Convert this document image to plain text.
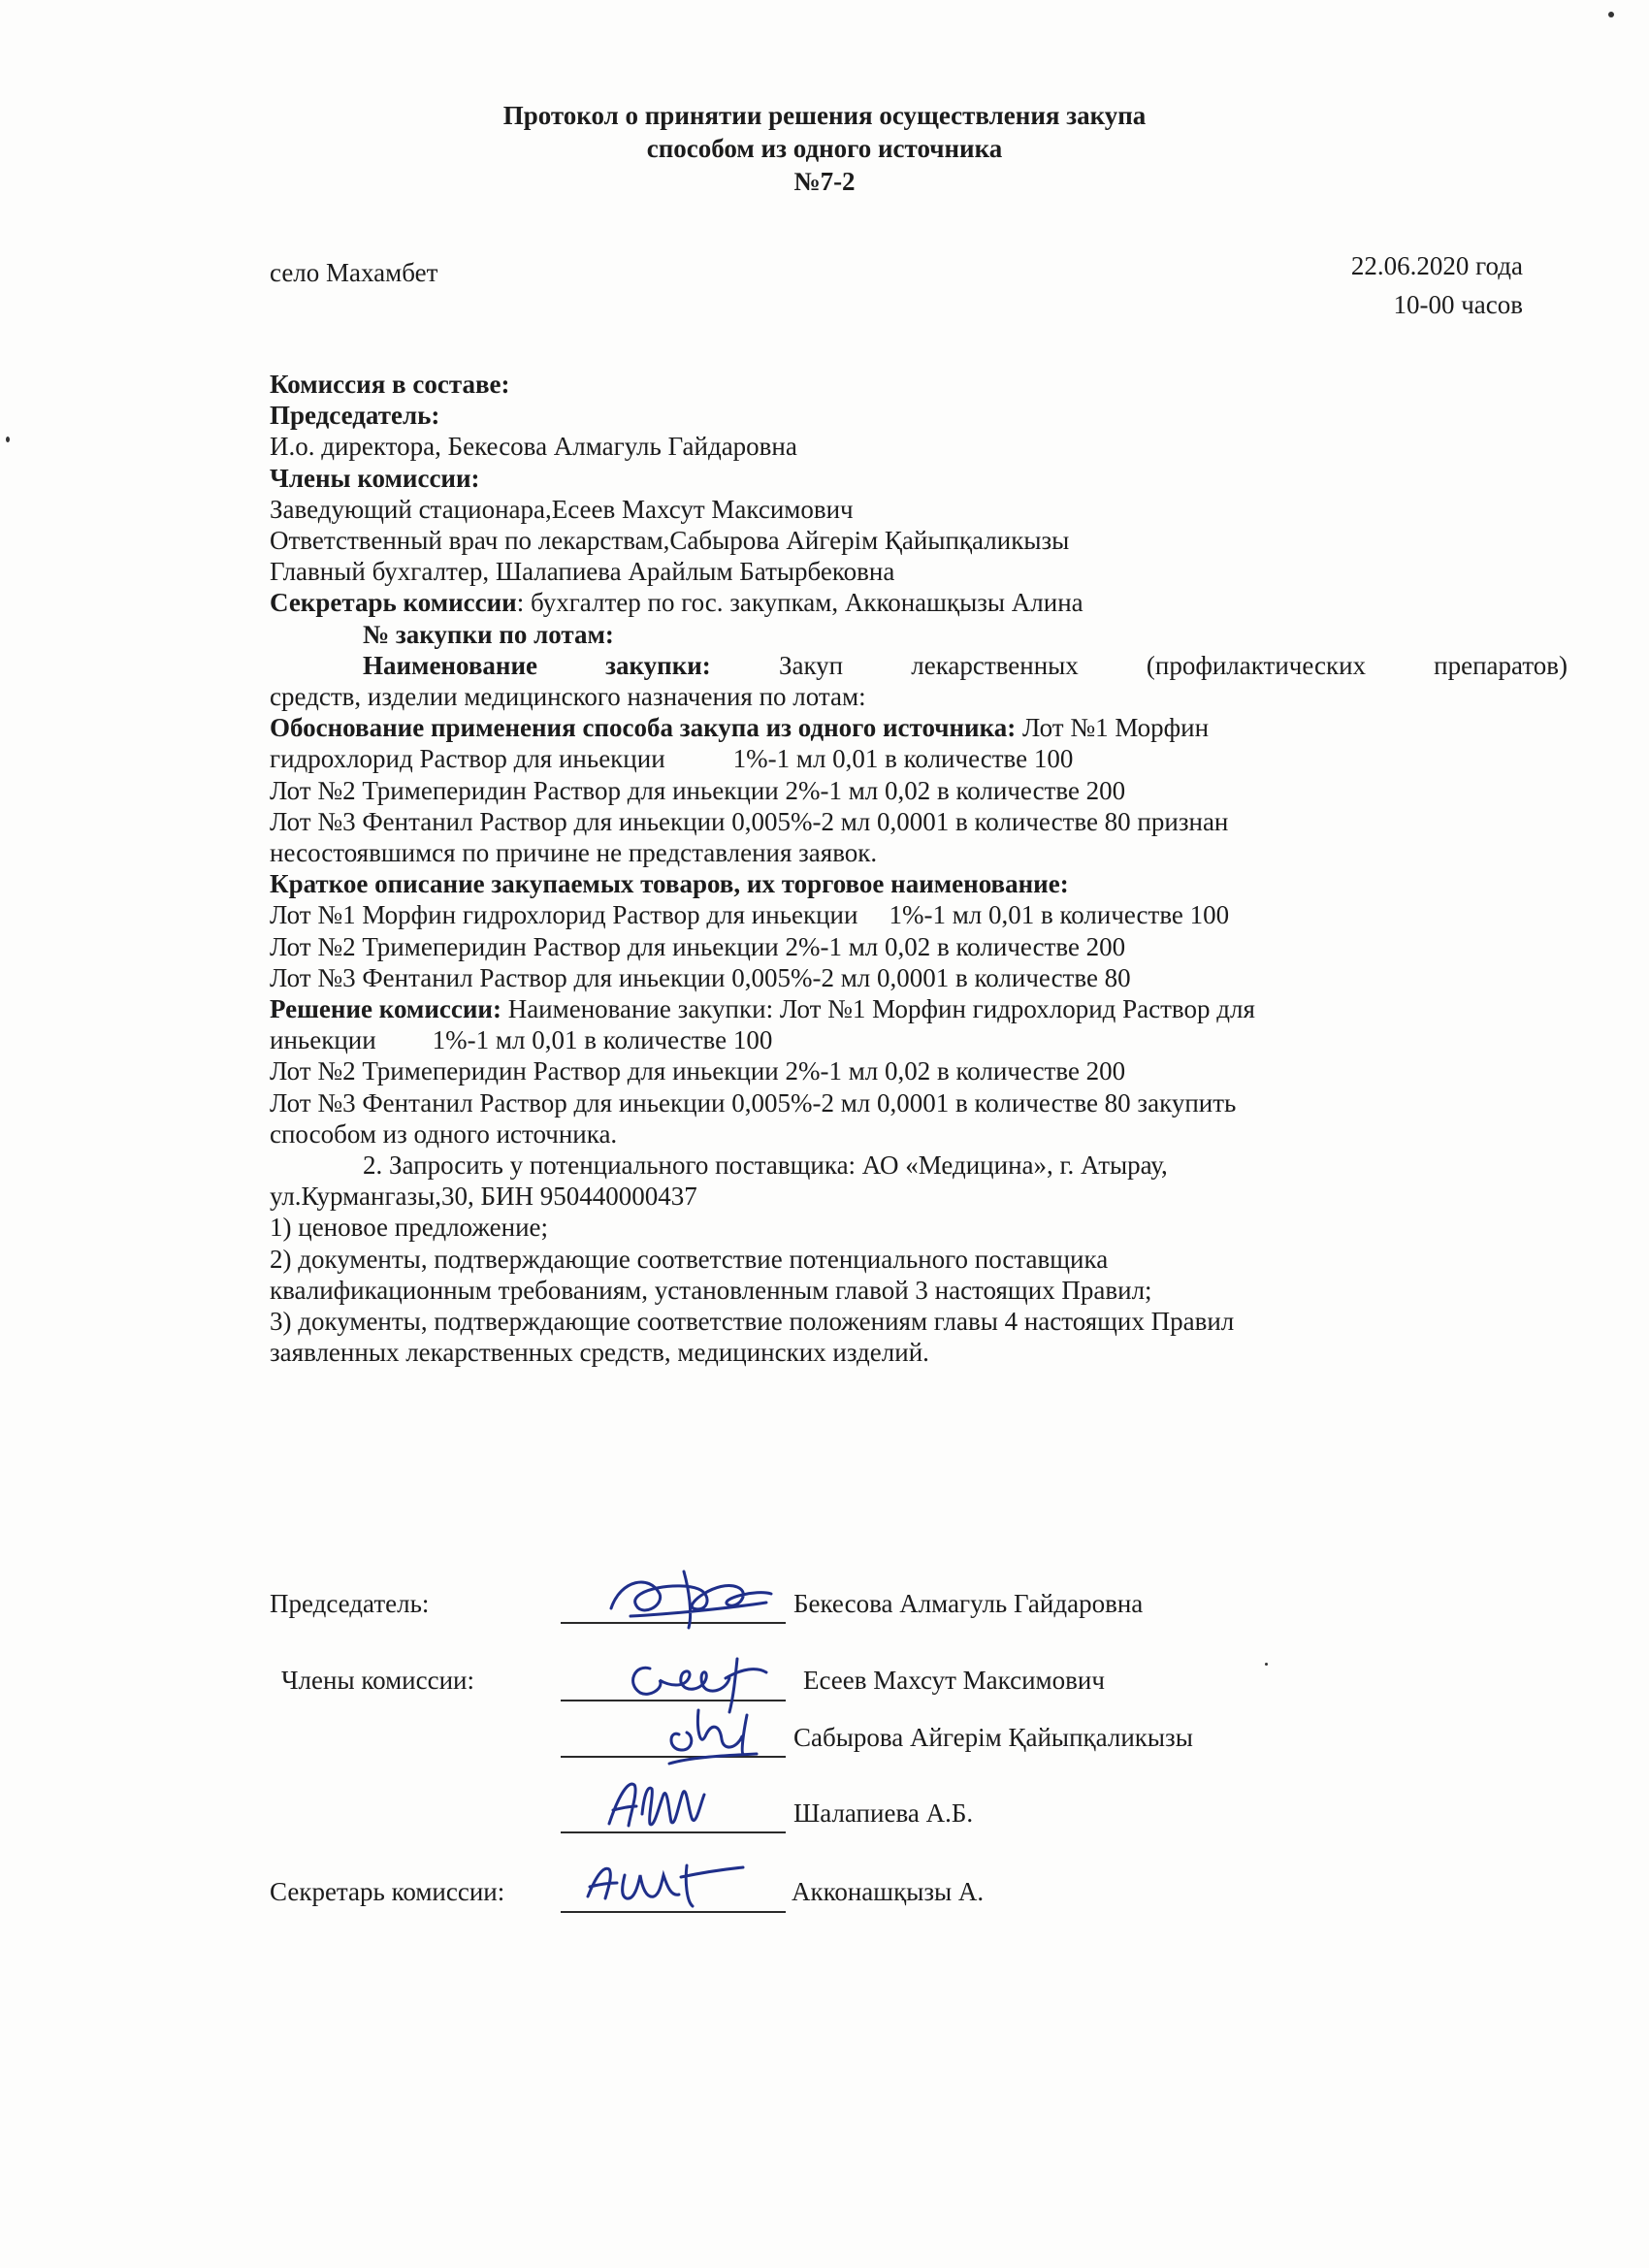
Протокол о принятии решения осуществления закупа
способом из одного источника
№7-2
село Махамбет	22.06.2020 года
10-00 часов
Комиссия в составе:
Председатель:
И.о. директора, Бекесова Алмагуль Гайдаровна
Члены комиссии:
Заведующий стационара,Есеев Махсут Максимович
Ответственный врач по лекарствам,Сабырова Айгерім Қайыпқаликызы
Главный бухгалтер, Шалапиева Арайлым Батырбековна
Секретарь комиссии: бухгалтер по гос. закупкам, Акконашқызы Алина
№ закупки по лотам:
Наименование закупки:	Закуп лекарственных (профилактических препаратов)
средств, изделии медицинского назначения по лотам:
Обоснование применения способа закупа из одного источника: Лот №1 Морфин
гидрохлорид Раствор для иньекции	1%-1 мл 0,01 в количестве 100
Лот №2 Тримеперидин Раствор для иньекции 2%-1 мл 0,02 в количестве 200
Лот №3 Фентанил Раствор для иньекции 0,005%-2 мл 0,0001 в количестве 80 признан
несостоявшимся по причине не представления заявок.
Краткое описание закупаемых товаров, их торговое наименование:
Лот №1 Морфин гидрохлорид Раствор для иньекции 1%-1 мл 0,01 в количестве 100
Лот №2 Тримеперидин Раствор для иньекции 2%-1 мл 0,02 в количестве 200
Лот №3 Фентанил Раствор для иньекции 0,005%-2 мл 0,0001 в количестве 80
Решение комиссии: Наименование закупки: Лот №1 Морфин гидрохлорид Раствор для
иньекции 1%-1 мл 0,01 в количестве 100
Лот №2 Тримеперидин Раствор для иньекции 2%-1 мл 0,02 в количестве 200
Лот №3 Фентанил Раствор для иньекции 0,005%-2 мл 0,0001 в количестве 80 закупить
способом из одного источника.
2. Запросить у потенциального поставщика: АО «Медицина», г. Атырау,
ул.Курмангазы,30, БИН 950440000437
1) ценовое предложение;
2) документы, подтверждающие соответствие потенциального поставщика
квалификационным требованиям, установленным главой 3 настоящих Правил;
3) документы, подтверждающие соответствие положениям главы 4 настоящих Правил
заявленных лекарственных средств, медицинских изделий.
Председатель:	Бекесова Алмагуль Гайдаровна
Члены комиссии:	Есеев Махсут Максимович
Сабырова Айгерім Қайыпқаликызы
Шалапиева А.Б.
Секретарь комиссии:	Акконашқызы А.
